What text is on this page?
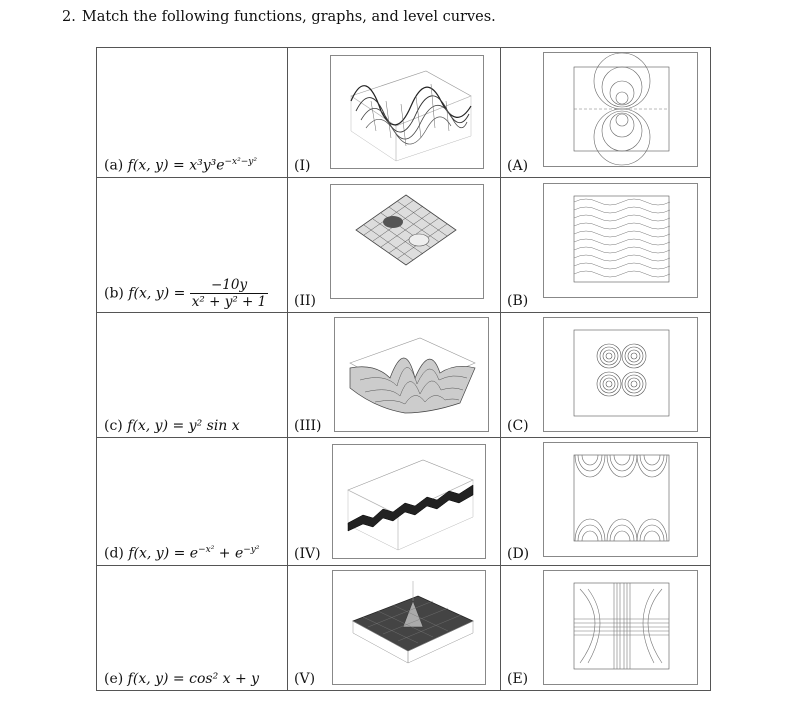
2. Match the following functions, graphs, and level curves.
(a) f(x, $y) = x^3y^3e^{-x^2-y^2}$	(I)	(A)

(b) f(x, $y) = \frac{-10y}{\text{x² + y² + 1}}$	(II)	(B)

(c) f(x, y) = y² sin x	(III)	(C)

(d) f(x, $y) = e^{-x^2} + e^{-y^2}$	(IV)	(D)

(e) f(x, y) = cos² x + y	(V)	(E)
